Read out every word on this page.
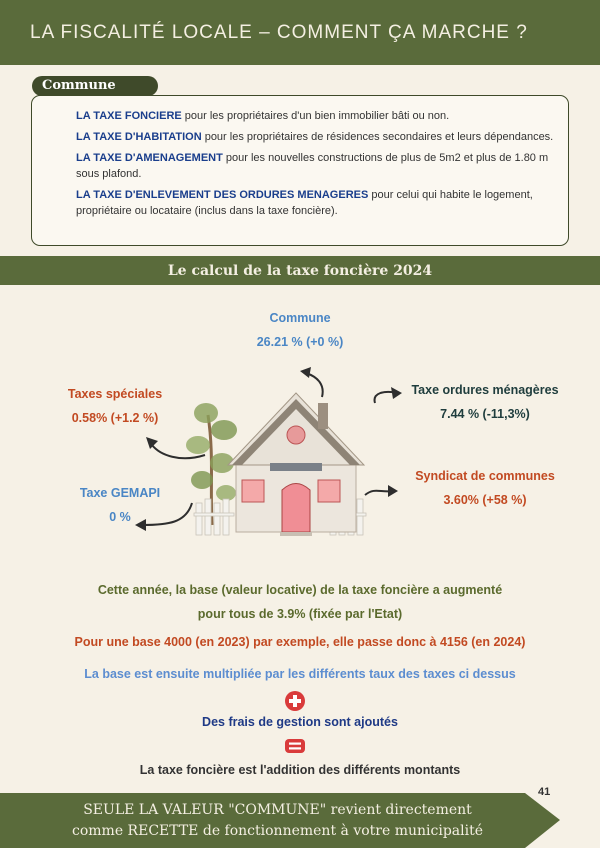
LA FISCALITÉ LOCALE – COMMENT ÇA MARCHE ?
Commune
LA TAXE FONCIERE pour les propriétaires d'un bien immobilier bâti ou non.
LA TAXE D'HABITATION pour les propriétaires de résidences secondaires et leurs dépendances.
LA TAXE D'AMENAGEMENT pour les nouvelles constructions de plus de 5m2 et plus de 1.80 m sous plafond.
LA TAXE D'ENLEVEMENT DES ORDURES MENAGERES pour celui qui habite le logement, propriétaire ou locataire (inclus dans la taxe foncière).
Le calcul de la taxe foncière 2024
Commune
26.21 % (+0 %)
Taxes spéciales
0.58% (+1.2 %)
Taxe ordures ménagères
7.44 % (-11,3%)
Syndicat de communes
3.60% (+58 %)
Taxe GEMAPI
0 %
Cette année, la base (valeur locative) de la taxe foncière a augmenté
pour tous de 3.9% (fixée par l'Etat)
Pour une base 4000 (en 2023) par exemple, elle passe donc à 4156 (en 2024)
La base est ensuite multipliée par les différents taux des taxes ci dessus
Des frais de gestion sont ajoutés
La taxe foncière est l'addition des différents montants
41
SEULE LA VALEUR "COMMUNE" revient directement
comme RECETTE de fonctionnement à votre municipalité
